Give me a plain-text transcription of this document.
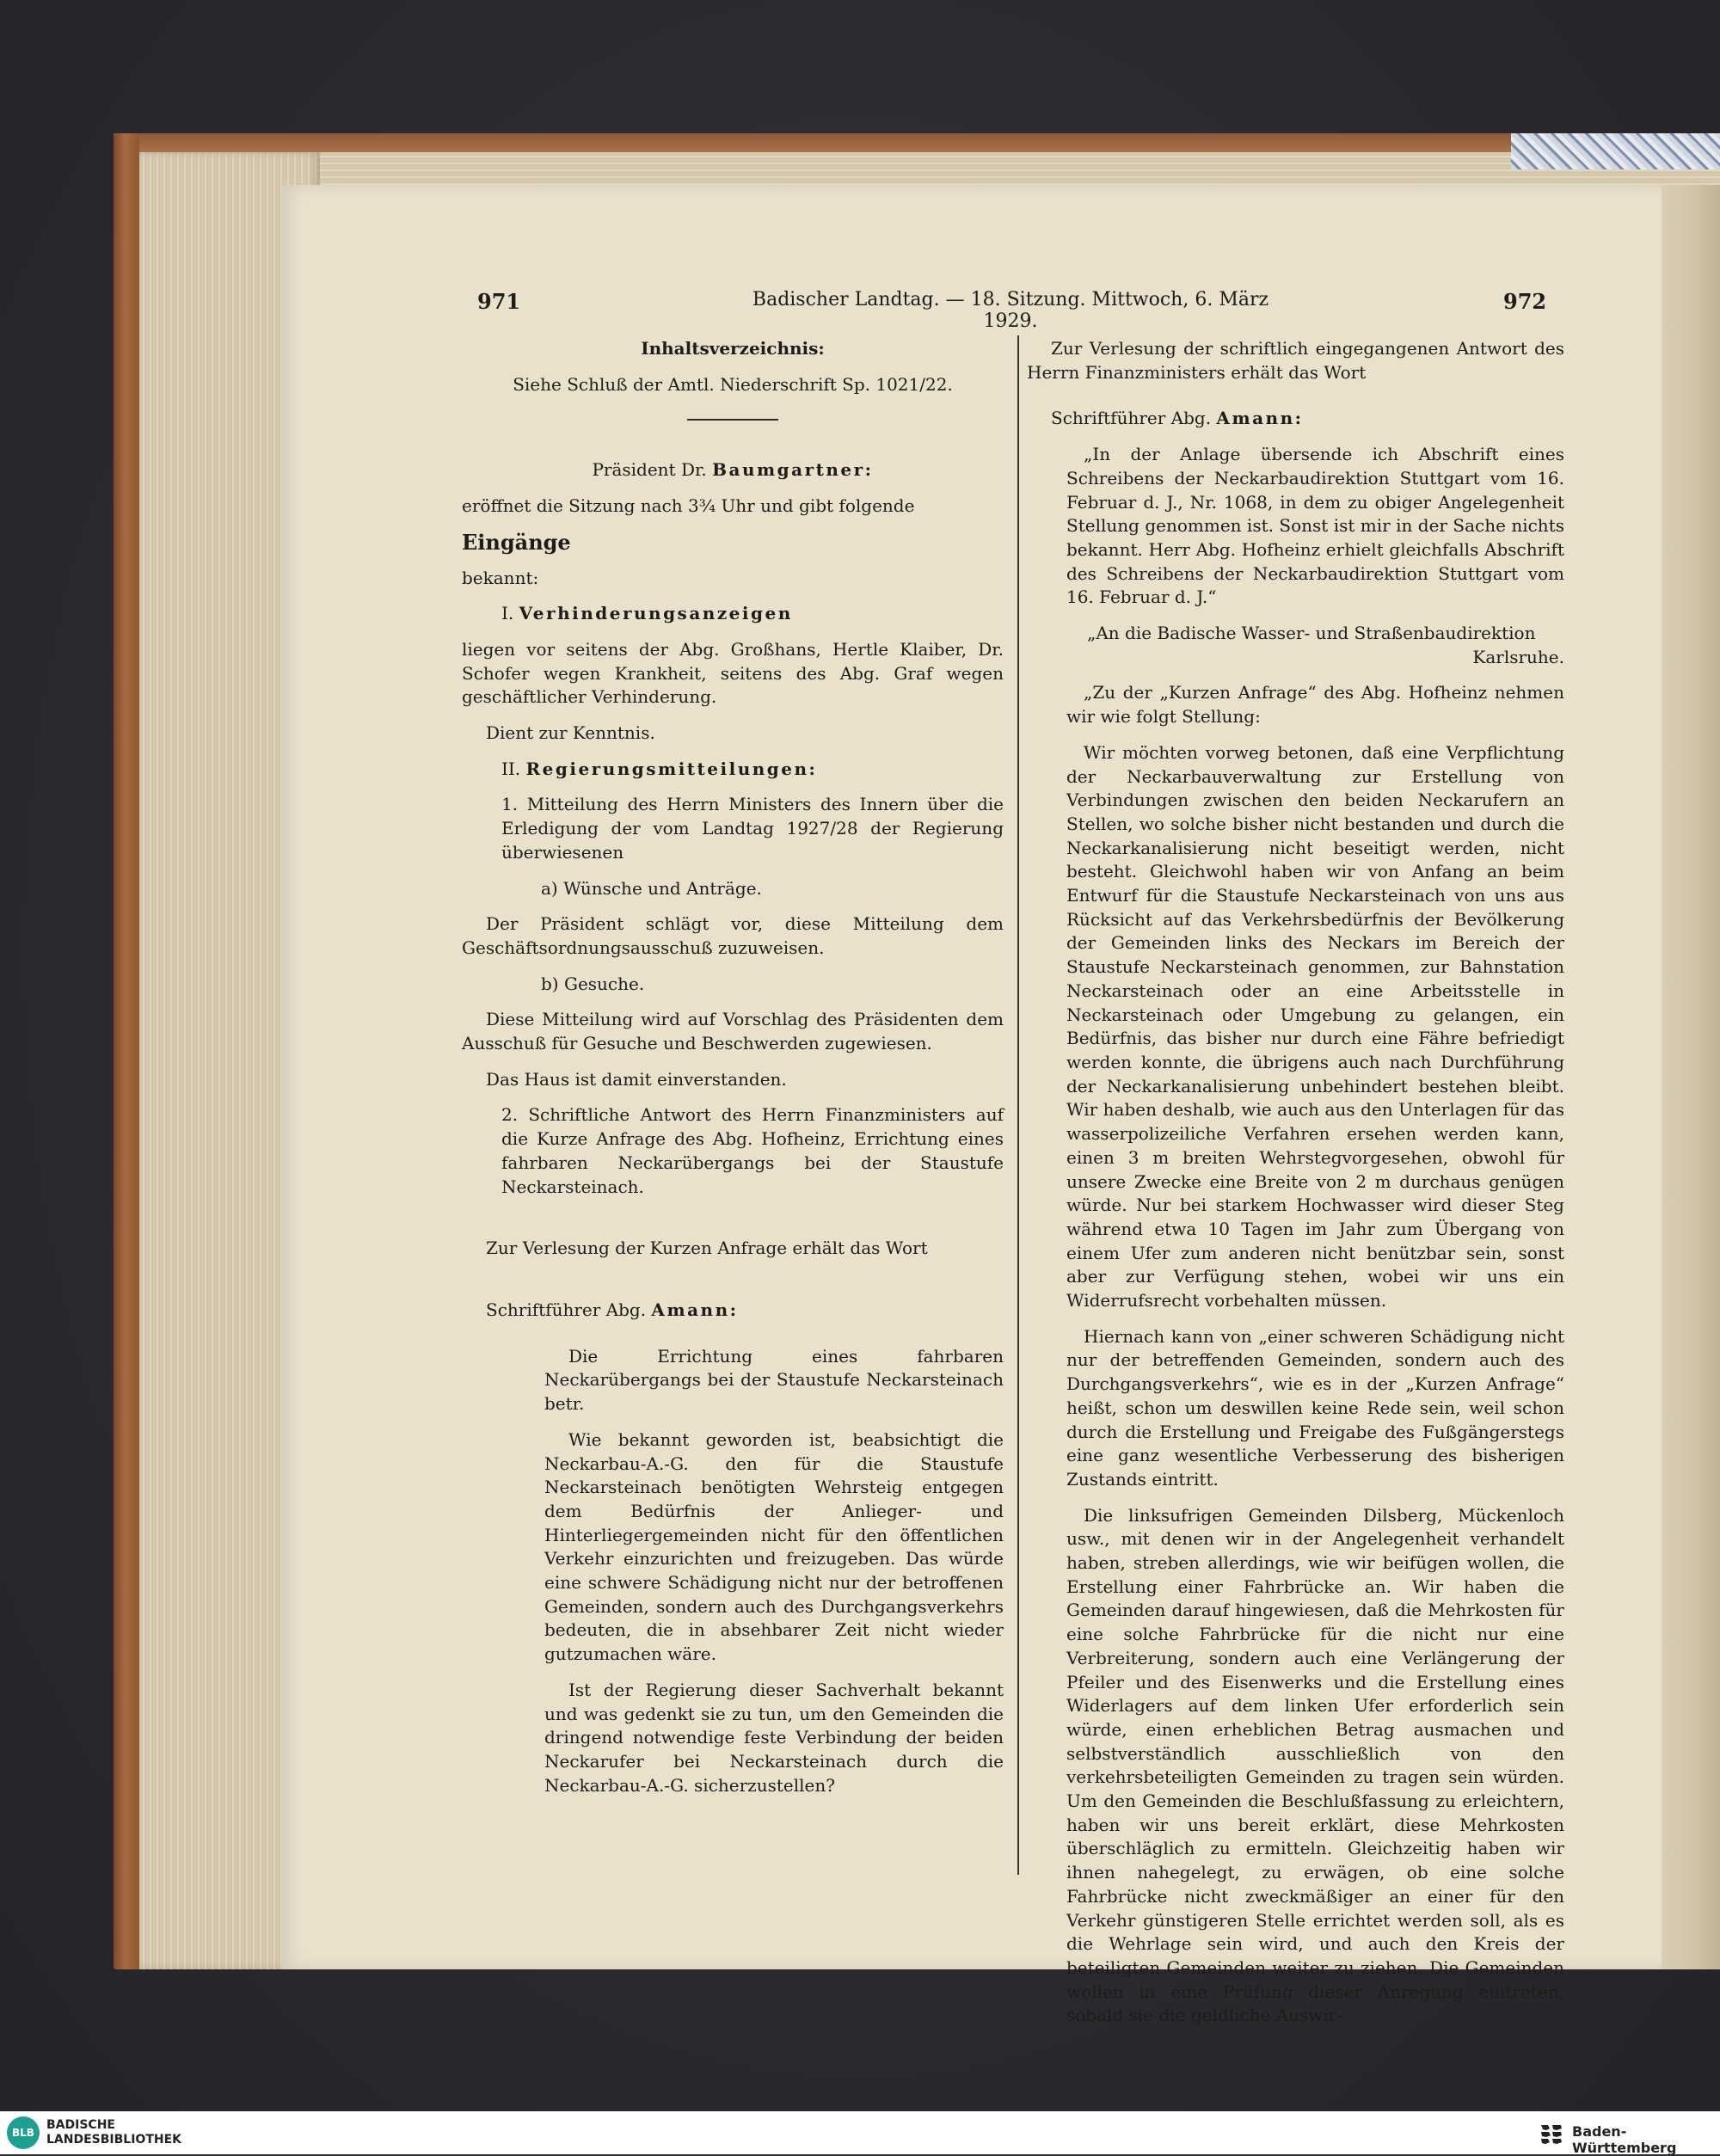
971	Badischer Landtag. — 18. Sitzung. Mittwoch, 6. März 1929.
972

Inhaltsverzeichnis:

Siehe Schluß der Amtl. Niederschrift Sp. 1021/22.

Präsident Dr. Baumgartner:

eröffnet die Sitzung nach 3¾ Uhr und gibt folgende

Eingänge

bekannt:

I. Verhinderungsanzeigen

liegen vor seitens der Abg. Großhans, Hertle Klaiber, Dr. Schofer wegen Krankheit, seitens des Abg. Graf wegen geschäftlicher Verhinderung.

Dient zur Kenntnis.

II. Regierungsmitteilungen:

1. Mitteilung des Herrn Ministers des Innern über die Erledigung der vom Landtag 1927/28 der Regierung überwiesenen

a) Wünsche und Anträge.

Der Präsident schlägt vor, diese Mitteilung dem Geschäftsordnungsausschuß zuzuweisen.

b) Gesuche.

Diese Mitteilung wird auf Vorschlag des Präsidenten dem Ausschuß für Gesuche und Beschwerden zugewiesen.

Das Haus ist damit einverstanden.

2. Schriftliche Antwort des Herrn Finanzministers auf die Kurze Anfrage des Abg. Hofheinz, Errichtung eines fahrbaren Neckarübergangs bei der Staustufe Neckarsteinach.

Zur Verlesung der Kurzen Anfrage erhält das Wort

Schriftführer Abg. Amann:

Die Errichtung eines fahrbaren Neckarübergangs bei der Staustufe Neckarsteinach betr.

Wie bekannt geworden ist, beabsichtigt die Neckarbau-A.-G. den für die Staustufe Neckarsteinach benötigten Wehrsteig entgegen dem Bedürfnis der Anlieger- und Hinterliegergemeinden nicht für den öffentlichen Verkehr einzurichten und freizugeben. Das würde eine schwere Schädigung nicht nur der betroffenen Gemeinden, sondern auch des Durchgangsverkehrs bedeuten, die in absehbarer Zeit nicht wieder gutzumachen wäre.

Ist der Regierung dieser Sachverhalt bekannt und was gedenkt sie zu tun, um den Gemeinden die dringend notwendige feste Verbindung der beiden Neckarufer bei Neckarsteinach durch die Neckarbau-A.-G. sicherzustellen?

Zur Verlesung der schriftlich eingegangenen Antwort des Herrn Finanzministers erhält das Wort

Schriftführer Abg. Amann:

„In der Anlage übersende ich Abschrift eines Schreibens der Neckarbaudirektion Stuttgart vom 16. Februar d. J., Nr. 1068, in dem zu obiger Angelegenheit Stellung genommen ist. Sonst ist mir in der Sache nichts bekannt. Herr Abg. Hofheinz erhielt gleichfalls Abschrift des Schreibens der Neckarbaudirektion Stuttgart vom 16. Februar d. J.“

„An die Badische Wasser- und Straßenbaudirektion

Karlsruhe.

„Zu der „Kurzen Anfrage“ des Abg. Hofheinz nehmen wir wie folgt Stellung:

Wir möchten vorweg betonen, daß eine Verpflichtung der Neckarbauverwaltung zur Erstellung von Verbindungen zwischen den beiden Neckarufern an Stellen, wo solche bisher nicht bestanden und durch die Neckarkanalisierung nicht beseitigt werden, nicht besteht. Gleichwohl haben wir von Anfang an beim Entwurf für die Staustufe Neckarsteinach von uns aus Rücksicht auf das Verkehrsbedürfnis der Bevölkerung der Gemeinden links des Neckars im Bereich der Staustufe Neckarsteinach genommen, zur Bahnstation Neckarsteinach oder an eine Arbeitsstelle in Neckarsteinach oder Umgebung zu gelangen, ein Bedürfnis, das bisher nur durch eine Fähre befriedigt werden konnte, die übrigens auch nach Durchführung der Neckarkanalisierung unbehindert bestehen bleibt. Wir haben deshalb, wie auch aus den Unterlagen für das wasserpolizeiliche Verfahren ersehen werden kann, einen 3 m breiten Wehrstegvorgesehen, obwohl für unsere Zwecke eine Breite von 2 m durchaus genügen würde. Nur bei starkem Hochwasser wird dieser Steg während etwa 10 Tagen im Jahr zum Übergang von einem Ufer zum anderen nicht benützbar sein, sonst aber zur Verfügung stehen, wobei wir uns ein Widerrufsrecht vorbehalten müssen.

Hiernach kann von „einer schweren Schädigung nicht nur der betreffenden Gemeinden, sondern auch des Durchgangsverkehrs“, wie es in der „Kurzen Anfrage“ heißt, schon um deswillen keine Rede sein, weil schon durch die Erstellung und Freigabe des Fußgängerstegs eine ganz wesentliche Verbesserung des bisherigen Zustands eintritt.

Die linksufrigen Gemeinden Dilsberg, Mückenloch usw., mit denen wir in der Angelegenheit verhandelt haben, streben allerdings, wie wir beifügen wollen, die Erstellung einer Fahrbrücke an. Wir haben die Gemeinden darauf hingewiesen, daß die Mehrkosten für eine solche Fahrbrücke für die nicht nur eine Verbreiterung, sondern auch eine Verlängerung der Pfeiler und des Eisenwerks und die Erstellung eines Widerlagers auf dem linken Ufer erforderlich sein würde, einen erheblichen Betrag ausmachen und selbstverständlich ausschließlich von den verkehrsbeteiligten Gemeinden zu tragen sein würden. Um den Gemeinden die Beschlußfassung zu erleichtern, haben wir uns bereit erklärt, diese Mehrkosten überschläglich zu ermitteln. Gleichzeitig haben wir ihnen nahegelegt, zu erwägen, ob eine solche Fahrbrücke nicht zweckmäßiger an einer für den Verkehr günstigeren Stelle errichtet werden soll, als es die Wehrlage sein wird, und auch den Kreis der beteiligten Gemeinden weiter zu ziehen. Die Gemeinden wollen in eine Prüfung dieser Anregung eintreten, sobald sie die geldliche Auswir-

BLB
BADISCHE
LANDESBIBLIOTHEK	Baden-Württemberg
